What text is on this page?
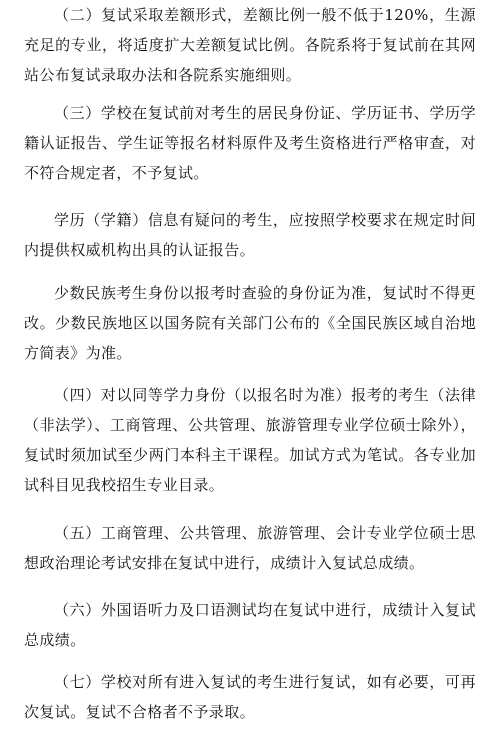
（二）复试采取差额形式，差额比例一般不低于120%，生源充足的专业，将适度扩大差额复试比例。各院系将于复试前在其网站公布复试录取办法和各院系实施细则。

（三）学校在复试前对考生的居民身份证、学历证书、学历学籍认证报告、学生证等报名材料原件及考生资格进行严格审查，对不符合规定者，不予复试。

学历（学籍）信息有疑问的考生，应按照学校要求在规定时间内提供权威机构出具的认证报告。

少数民族考生身份以报考时查验的身份证为准，复试时不得更改。少数民族地区以国务院有关部门公布的《全国民族区域自治地方简表》为准。

（四）对以同等学力身份（以报名时为准）报考的考生（法律（非法学）、工商管理、公共管理、旅游管理专业学位硕士除外），复试时须加试至少两门本科主干课程。加试方式为笔试。各专业加试科目见我校招生专业目录。

（五）工商管理、公共管理、旅游管理、会计专业学位硕士思想政治理论考试安排在复试中进行，成绩计入复试总成绩。

（六）外国语听力及口语测试均在复试中进行，成绩计入复试总成绩。

（七）学校对所有进入复试的考生进行复试，如有必要，可再次复试。复试不合格者不予录取。
